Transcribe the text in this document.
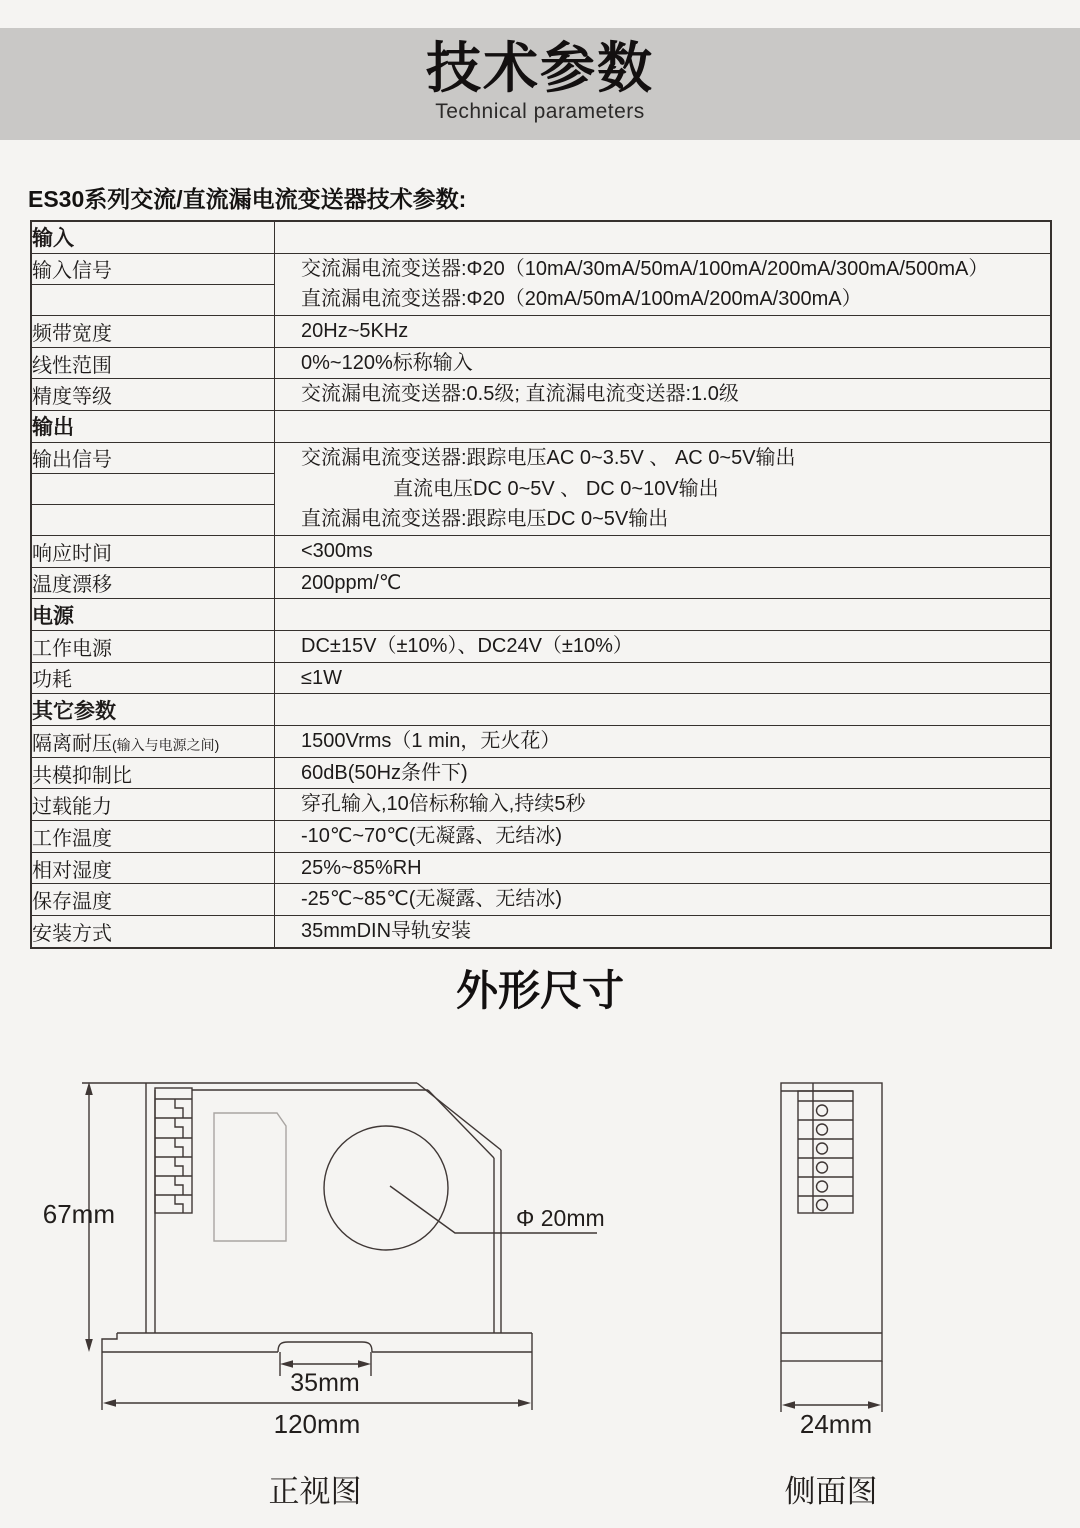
技术参数
Technical parameters
ES30系列交流/直流漏电流变送器技术参数:
输入	

输入信号	交流漏电流变送器:Φ20（10mA/30mA/50mA/100mA/200mA/300mA/500mA）
直流漏电流变送器:Φ20（20mA/50mA/100mA/200mA/300mA）

频带宽度	20Hz~5KHz

线性范围	0%~120%标称输入

精度等级	交流漏电流变送器:0.5级; 直流漏电流变送器:1.0级

输出	

输出信号	交流漏电流变送器:跟踪电压AC 0~3.5V 、 AC 0~5V输出
直流电压DC 0~5V 、 DC 0~10V输出
直流漏电流变送器:跟踪电压DC 0~5V输出

响应时间	<300ms

温度漂移	200ppm/℃

电源	

工作电源	DC±15V（±10%）、DC24V（±10%）

功耗	≤1W

其它参数	

隔离耐压(输入与电源之间)	1500Vrms（1 min，无火花）

共模抑制比	60dB(50Hz条件下)

过载能力	穿孔输入,10倍标称输入,持续5秒

工作温度	-10℃~70℃(无凝露、无结冰)

相对湿度	25%~85%RH

保存温度	-25℃~85℃(无凝露、无结冰)

安装方式	35mmDIN导轨安装
外形尺寸
67mm	Φ 20mm
35mm
120mm
正视图
24mm
侧面图
